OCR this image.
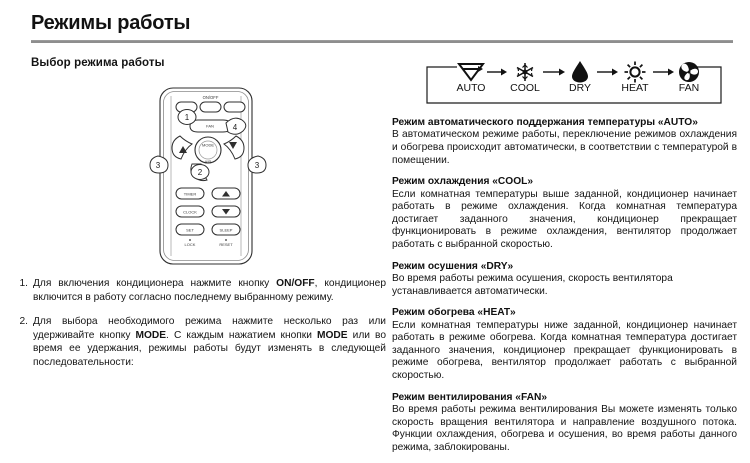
Режимы работы
Выбор режима работы
ON/OFF
FAN
MODE
AIR
1
4
2
3	3
TIMER
CLOCK
SET	SLEEP
LOCK	RESET
AUTO COOL	DRY	HEAT	FAN
1. Для включения кондиционера нажмите кнопку ON/OFF, кондиционер включится в работу согласно последнему выбранному режиму.
2. Для выбора необходимого режима нажмите несколько раз или удерживайте кнопку MODE. С каждым нажатием кнопки MODE или во время ее удержания, режимы работы будут изменять в следующей последовательности:
Режим автоматического поддержания температуры «AUTO»
В автоматическом режиме работы, переключение режимов охлаждения и обогрева происходит автоматически, в соответствии с температурой в помещении.
Режим охлаждения «COOL»
Если комнатная температуры выше заданной, кондиционер начинает работать в режиме охлаждения. Когда комнатная температура достигает заданного значения, кондиционер прекращает функционировать в режиме охлаждения, вентилятор продолжает работать с выбранной скоростью.
Режим осушения «DRY»
Во время работы режима осушения, скорость вентилятора устанавливается автоматически.
Режим обогрева «HEAT»
Если комнатная температуры ниже заданной, кондиционер начинает работать в режиме обогрева. Когда комнатная температура достигает заданного значения, кондиционер прекращает функционировать в режиме обогрева, вентилятор продолжает работать с выбранной скоростью.
Режим вентилирования «FAN»
Во время работы режима вентилирования Вы можете изменять только скорость вращения вентилятора и направление воздушного потока. Функции охлаждения, обогрева и осушения, во время работы данного режима, заблокированы.
